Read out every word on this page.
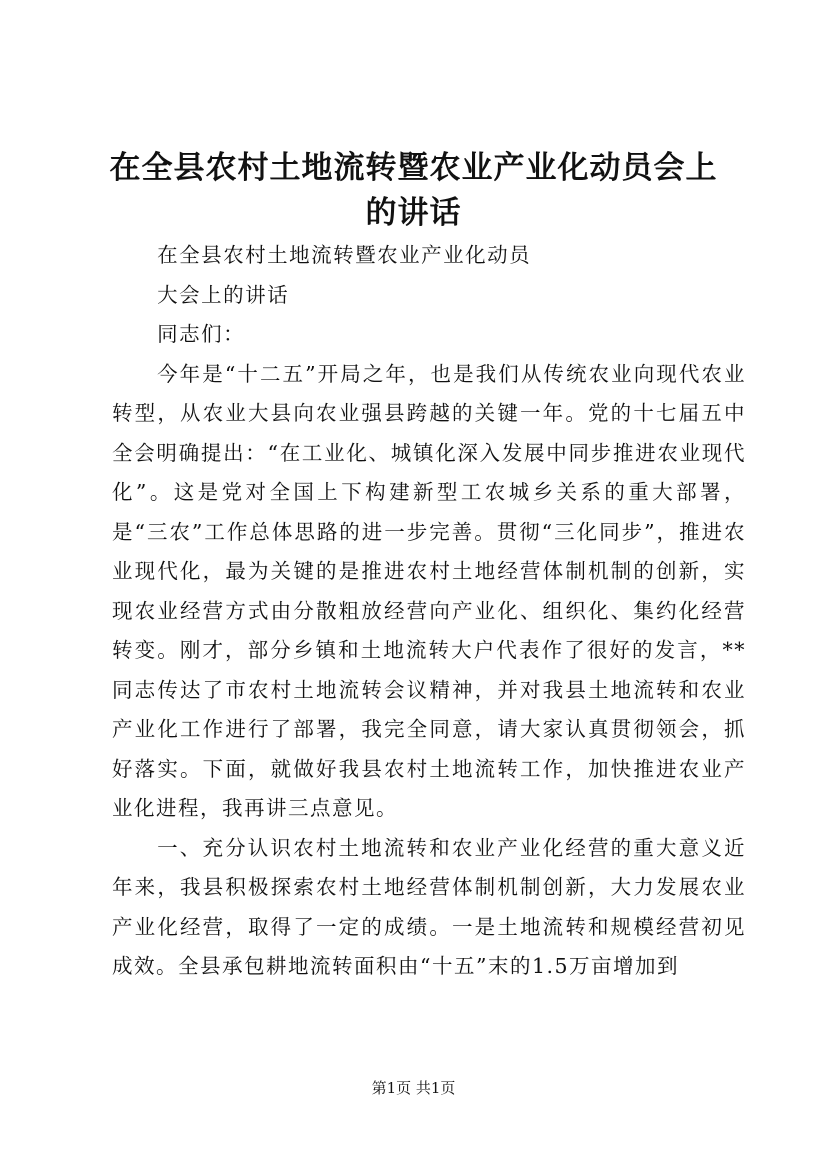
在全县农村土地流转暨农业产业化动员会上的讲话

在全县农村土地流转暨农业产业化动员

大会上的讲话

同志们：

今年是“十二五”开局之年，也是我们从传统农业向现代农业转型，从农业大县向农业强县跨越的关键一年。党的十七届五中全会明确提出：“在工业化、城镇化深入发展中同步推进农业现代化”。这是党对全国上下构建新型工农城乡关系的重大部署，是“三农”工作总体思路的进一步完善。贯彻“三化同步”，推进农业现代化，最为关键的是推进农村土地经营体制机制的创新，实现农业经营方式由分散粗放经营向产业化、组织化、集约化经营转变。刚才，部分乡镇和土地流转大户代表作了很好的发言，**同志传达了市农村土地流转会议精神，并对我县土地流转和农业产业化工作进行了部署，我完全同意，请大家认真贯彻领会，抓好落实。下面，就做好我县农村土地流转工作，加快推进农业产业化进程，我再讲三点意见。

一、充分认识农村土地流转和农业产业化经营的重大意义近年来，我县积极探索农村土地经营体制机制创新，大力发展农业产业化经营，取得了一定的成绩。一是土地流转和规模经营初见成效。全县承包耕地流转面积由“十五”末的1.5万亩增加到

第1页 共1页
